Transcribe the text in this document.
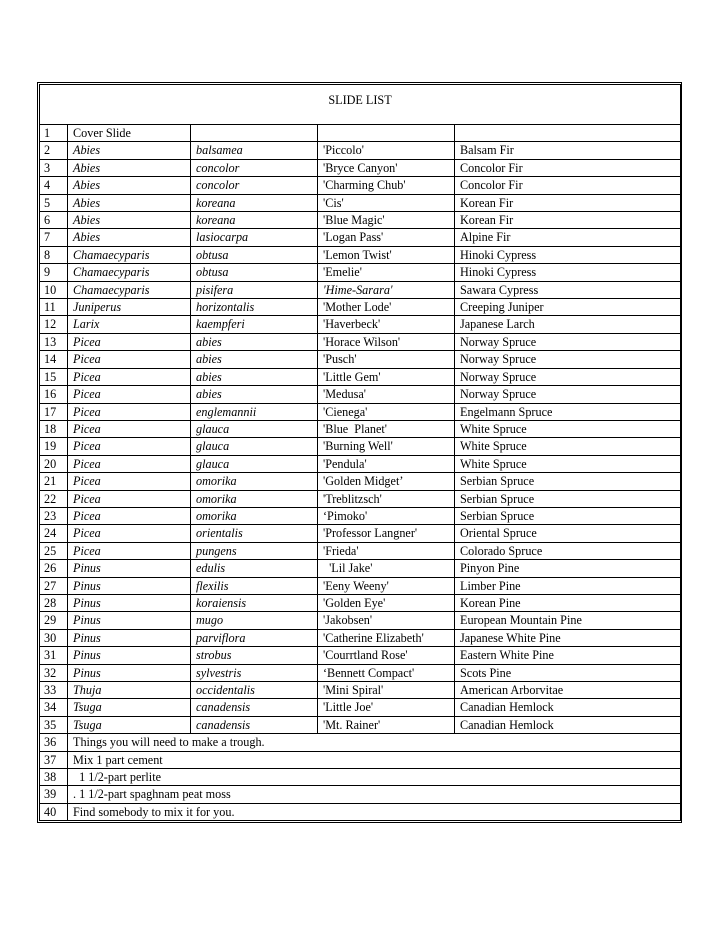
SLIDE LIST				

1	Cover Slide			
2	Abies	balsamea	'Piccolo'	Balsam Fir
3	Abies	concolor	'Bryce Canyon'	Concolor Fir
4	Abies	concolor	'Charming Chub'	Concolor Fir
5	Abies	koreana	'Cis'	Korean Fir
6	Abies	koreana	'Blue Magic'	Korean Fir
7	Abies	lasiocarpa	'Logan Pass'	Alpine Fir
8	Chamaecyparis	obtusa	'Lemon Twist'	Hinoki Cypress
9	Chamaecyparis	obtusa	'Emelie'	Hinoki Cypress
10	Chamaecyparis	pisifera	'Hime-Sarara'	Sawara Cypress
11	Juniperus	horizontalis	'Mother Lode'	Creeping Juniper
12	Larix	kaempferi	'Haverbeck'	Japanese Larch
13	Picea	abies	'Horace Wilson'	Norway Spruce
14	Picea	abies	'Pusch'	Norway Spruce
15	Picea	abies	'Little Gem'	Norway Spruce
16	Picea	abies	'Medusa'	Norway Spruce
17	Picea	englemannii	'Cienega'	Engelmann Spruce
18	Picea	glauca	'Blue  Planet'	White Spruce
19	Picea	glauca	'Burning Well'	White Spruce
20	Picea	glauca	'Pendula'	White Spruce
21	Picea	omorika	'Golden Midget’	Serbian Spruce
22	Picea	omorika	'Treblitzsch'	Serbian Spruce
23	Picea	omorika	‘Pimoko'	Serbian Spruce
24	Picea	orientalis	'Professor Langner'	Oriental Spruce
25	Picea	pungens	'Frieda'	Colorado Spruce
26	Pinus	edulis	'Lil Jake'	Pinyon Pine
27	Pinus	flexilis	'Eeny Weeny'	Limber Pine
28	Pinus	koraiensis	'Golden Eye'	Korean Pine
29	Pinus	mugo	'Jakobsen'	European Mountain Pine
30	Pinus	parviflora	'Catherine Elizabeth'	Japanese White Pine
31	Pinus	strobus	'Courrtland Rose'	Eastern White Pine
32	Pinus	sylvestris	‘Bennett Compact'	Scots Pine
33	Thuja	occidentalis	'Mini Spiral'	American Arborvitae
34	Tsuga	canadensis	'Little Joe'	Canadian Hemlock
35	Tsuga	canadensis	'Mt. Rainer'	Canadian Hemlock
36	Things you will need to make a trough.			
37	Mix 1 part cement			
38	1 1/2-part perlite			
39	. 1 1/2-part spaghnam peat moss			
40	Find somebody to mix it for you.			
